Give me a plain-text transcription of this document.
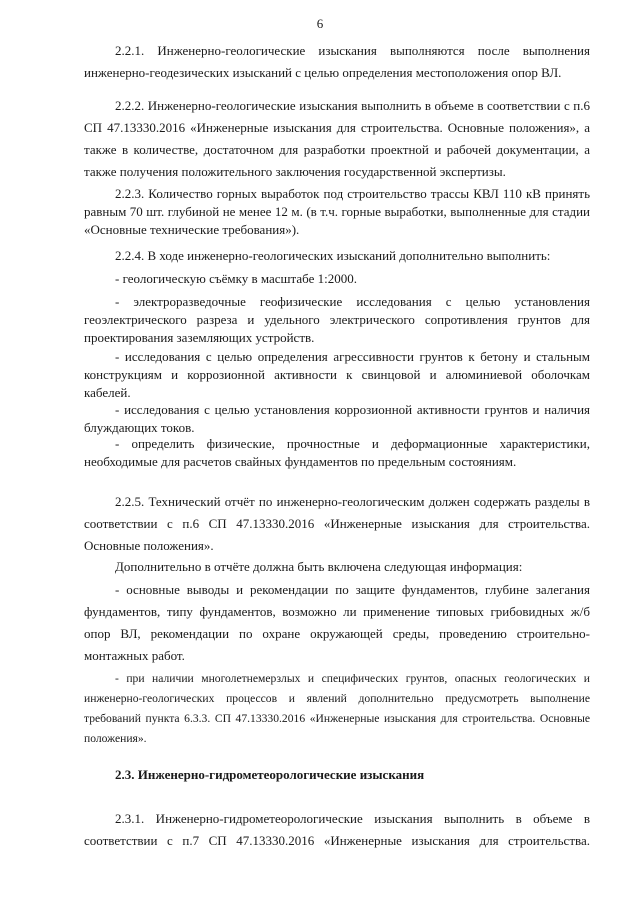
6

2.2.1. Инженерно-геологические изыскания выполняются после выполнения инженерно-геодезических изысканий с целью определения местоположения опор ВЛ.

2.2.2. Инженерно-геологические изыскания выполнить в объеме в соответствии с п.6 СП 47.13330.2016 «Инженерные изыскания для строительства. Основные положения», а также в количестве, достаточном для разработки проектной и рабочей документации, а также получения положительного заключения государственной экспертизы.

2.2.3. Количество горных выработок под строительство трассы КВЛ 110 кВ принять равным 70 шт. глубиной не менее 12 м. (в т.ч. горные выработки, выполненные для стадии «Основные технические требования»).

2.2.4. В ходе инженерно-геологических изысканий дополнительно выполнить:

- геологическую съёмку в масштабе 1:2000.

- электроразведочные геофизические исследования с целью установления геоэлектрического разреза и удельного электрического сопротивления грунтов для проектирования заземляющих устройств.

- исследования с целью определения агрессивности грунтов к бетону и стальным конструкциям и коррозионной активности к свинцовой и алюминиевой оболочкам кабелей.

- исследования с целью установления коррозионной активности грунтов и наличия блуждающих токов.

- определить физические, прочностные и деформационные характеристики, необходимые для расчетов свайных фундаментов по предельным состояниям.

2.2.5. Технический отчёт по инженерно-геологическим должен содержать разделы в соответствии с п.6 СП 47.13330.2016 «Инженерные изыскания для строительства. Основные положения».

Дополнительно в отчёте должна быть включена следующая информация:

- основные выводы и рекомендации по защите фундаментов, глубине залегания фундаментов, типу фундаментов, возможно ли применение типовых грибовидных ж/б опор ВЛ, рекомендации по охране окружающей среды, проведению строительно-монтажных работ.

- при наличии многолетнемерзлых и специфических грунтов, опасных геологических и инженерно-геологических процессов и явлений дополнительно предусмотреть выполнение требований пункта 6.3.3. СП 47.13330.2016 «Инженерные изыскания для строительства. Основные положения».

2.3. Инженерно-гидрометеорологические изыскания

2.3.1. Инженерно-гидрометеорологические изыскания выполнить в объеме в соответствии с п.7 СП 47.13330.2016 «Инженерные изыскания для строительства.
